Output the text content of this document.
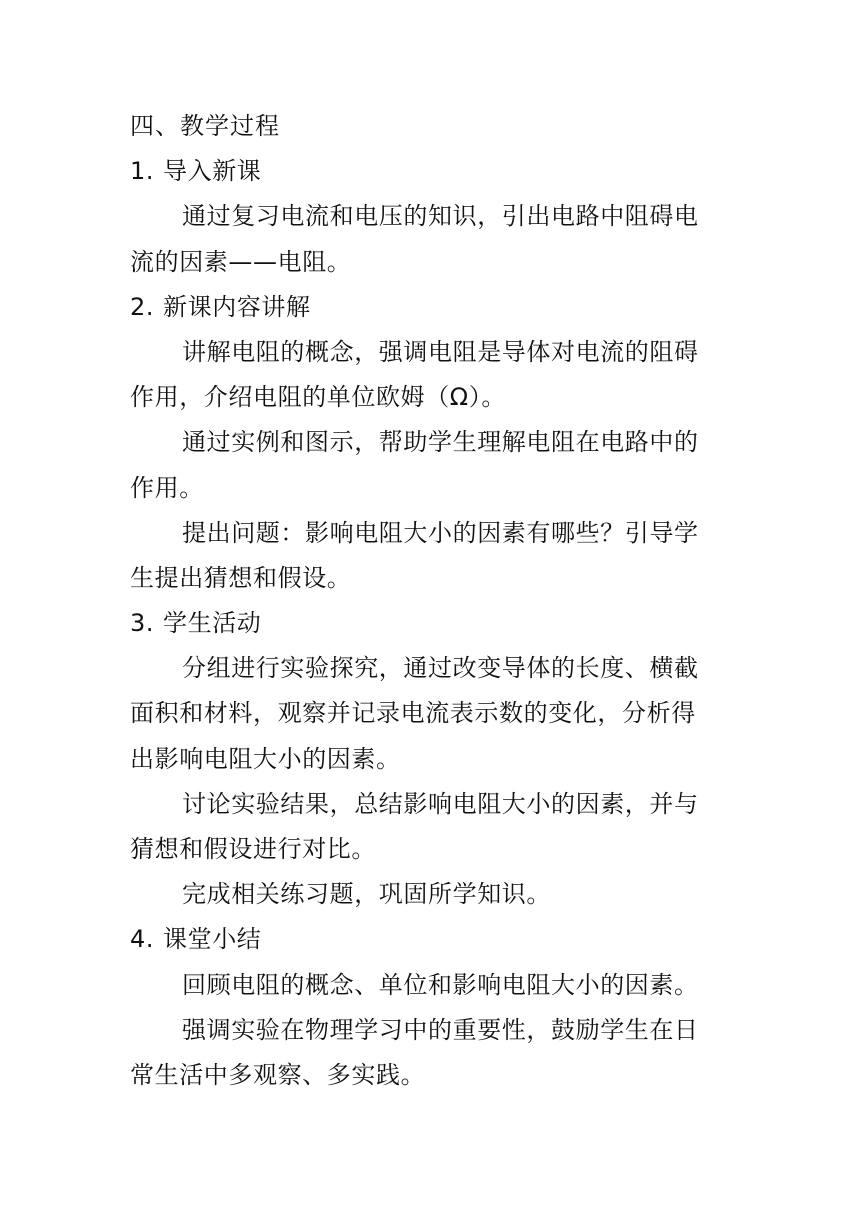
四、教学过程
1. 导入新课
通过复习电流和电压的知识，引出电路中阻碍电
流的因素——电阻。
2. 新课内容讲解
讲解电阻的概念，强调电阻是导体对电流的阻碍
作用，介绍电阻的单位欧姆（Ω）。
通过实例和图示，帮助学生理解电阻在电路中的
作用。
提出问题：影响电阻大小的因素有哪些？引导学
生提出猜想和假设。
3. 学生活动
分组进行实验探究，通过改变导体的长度、横截
面积和材料，观察并记录电流表示数的变化，分析得
出影响电阻大小的因素。
讨论实验结果，总结影响电阻大小的因素，并与
猜想和假设进行对比。
完成相关练习题，巩固所学知识。
4. 课堂小结
回顾电阻的概念、单位和影响电阻大小的因素。
强调实验在物理学习中的重要性，鼓励学生在日
常生活中多观察、多实践。
